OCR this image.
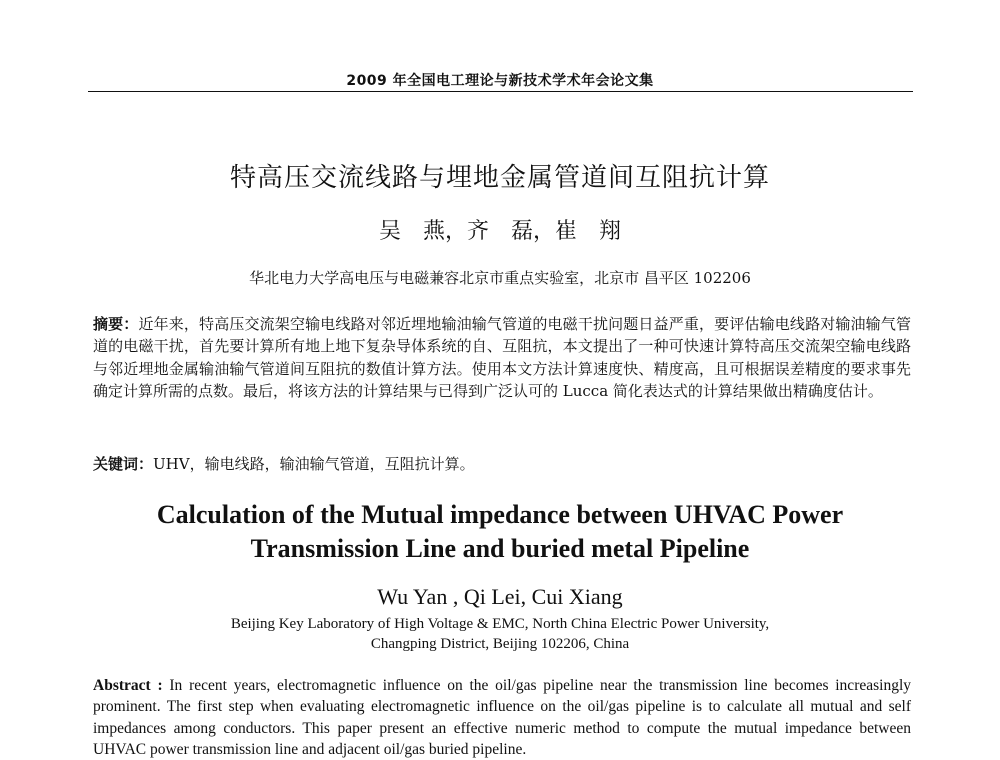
2009 年全国电工理论与新技术学术年会论文集
特高压交流线路与埋地金属管道间互阻抗计算
吴　燕，齐　磊，崔　翔
华北电力大学高电压与电磁兼容北京市重点实验室，北京市 昌平区 102206
摘要：近年来，特高压交流架空输电线路对邻近埋地输油输气管道的电磁干扰问题日益严重，要评估输电线路对输油输气管道的电磁干扰，首先要计算所有地上地下复杂导体系统的自、互阻抗，本文提出了一种可快速计算特高压交流架空输电线路与邻近埋地金属输油输气管道间互阻抗的数值计算方法。使用本文方法计算速度快、精度高，且可根据误差精度的要求事先确定计算所需的点数。最后，将该方法的计算结果与已得到广泛认可的 Lucca 简化表达式的计算结果做出精确度估计。
关键词：UHV，输电线路，输油输气管道，互阻抗计算。
Calculation of the Mutual impedance between UHVAC Power
Transmission Line and buried metal Pipeline
Wu Yan , Qi Lei, Cui Xiang
Beijing Key Laboratory of High Voltage & EMC, North China Electric Power University,
Changping District, Beijing 102206, China
Abstract : In recent years, electromagnetic influence on the oil/gas pipeline near the transmission line becomes increasingly prominent. The first step when evaluating electromagnetic influence on the oil/gas pipeline is to calculate all mutual and self impedances among conductors. This paper present an effective numeric method to compute the mutual impedance between UHVAC power transmission line and adjacent oil/gas buried pipeline.
